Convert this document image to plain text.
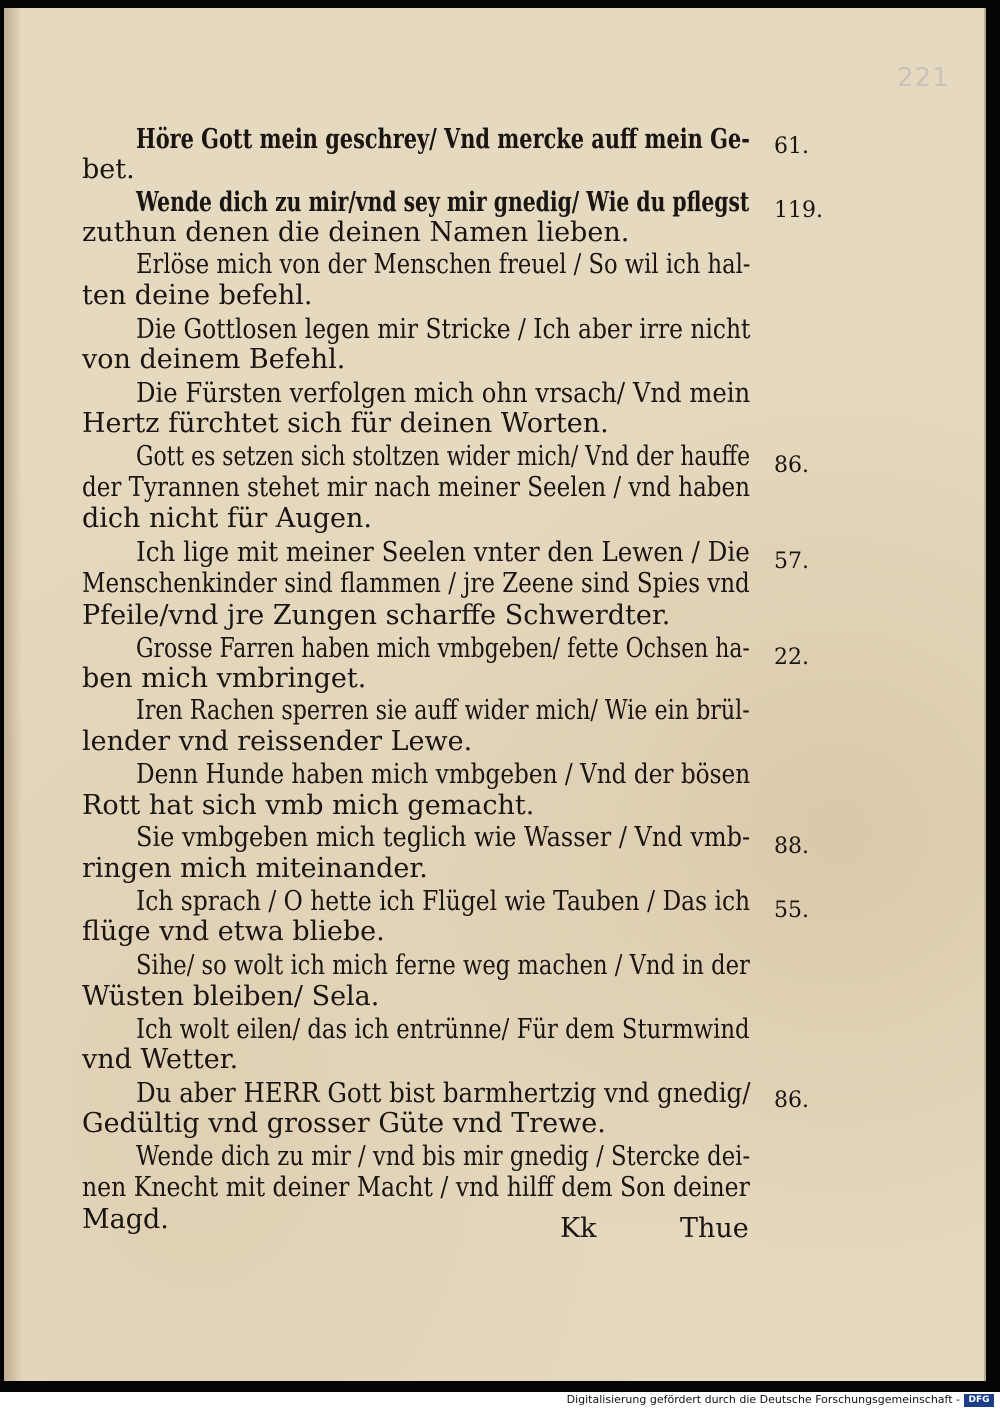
221
Höre Gott mein geschrey/ Vnd mercke auff mein Ge-
bet.
Wende dich zu mir/vnd sey mir gnedig/ Wie du pflegst
zuthun denen die deinen Namen lieben.
Erlöse mich von der Menschen freuel / So wil ich hal-
ten deine befehl.
Die Gottlosen legen mir Stricke / Ich aber irre nicht
von deinem Befehl.
Die Fürsten verfolgen mich ohn vrsach/ Vnd mein
Hertz fürchtet sich für deinen Worten.
Gott es setzen sich stoltzen wider mich/ Vnd der hauffe
der Tyrannen stehet mir nach meiner Seelen / vnd haben
dich nicht für Augen.
Ich lige mit meiner Seelen vnter den Lewen / Die
Menschenkinder sind flammen / jre Zeene sind Spies vnd
Pfeile/vnd jre Zungen scharffe Schwerdter.
Grosse Farren haben mich vmbgeben/ fette Ochsen ha-
ben mich vmbringet.
Iren Rachen sperren sie auff wider mich/ Wie ein brül-
lender vnd reissender Lewe.
Denn Hunde haben mich vmbgeben / Vnd der bösen
Rott hat sich vmb mich gemacht.
Sie vmbgeben mich teglich wie Wasser / Vnd vmb-
ringen mich miteinander.
Ich sprach / O hette ich Flügel wie Tauben / Das ich
flüge vnd etwa bliebe.
Sihe/ so wolt ich mich ferne weg machen / Vnd in der
Wüsten bleiben/ Sela.
Ich wolt eilen/ das ich entrünne/ Für dem Sturmwind
vnd Wetter.
Du aber HERR Gott bist barmhertzig vnd gnedig/
Gedültig vnd grosser Güte vnd Trewe.
Wende dich zu mir / vnd bis mir gnedig / Stercke dei-
nen Knecht mit deiner Macht / vnd hilff dem Son deiner
Magd.
61.
119.
86.
57.
22.
88.
55.
86.
Kk	Thue
Digitalisierung gefördert durch die Deutsche Forschungsgemeinschaft - DFG
